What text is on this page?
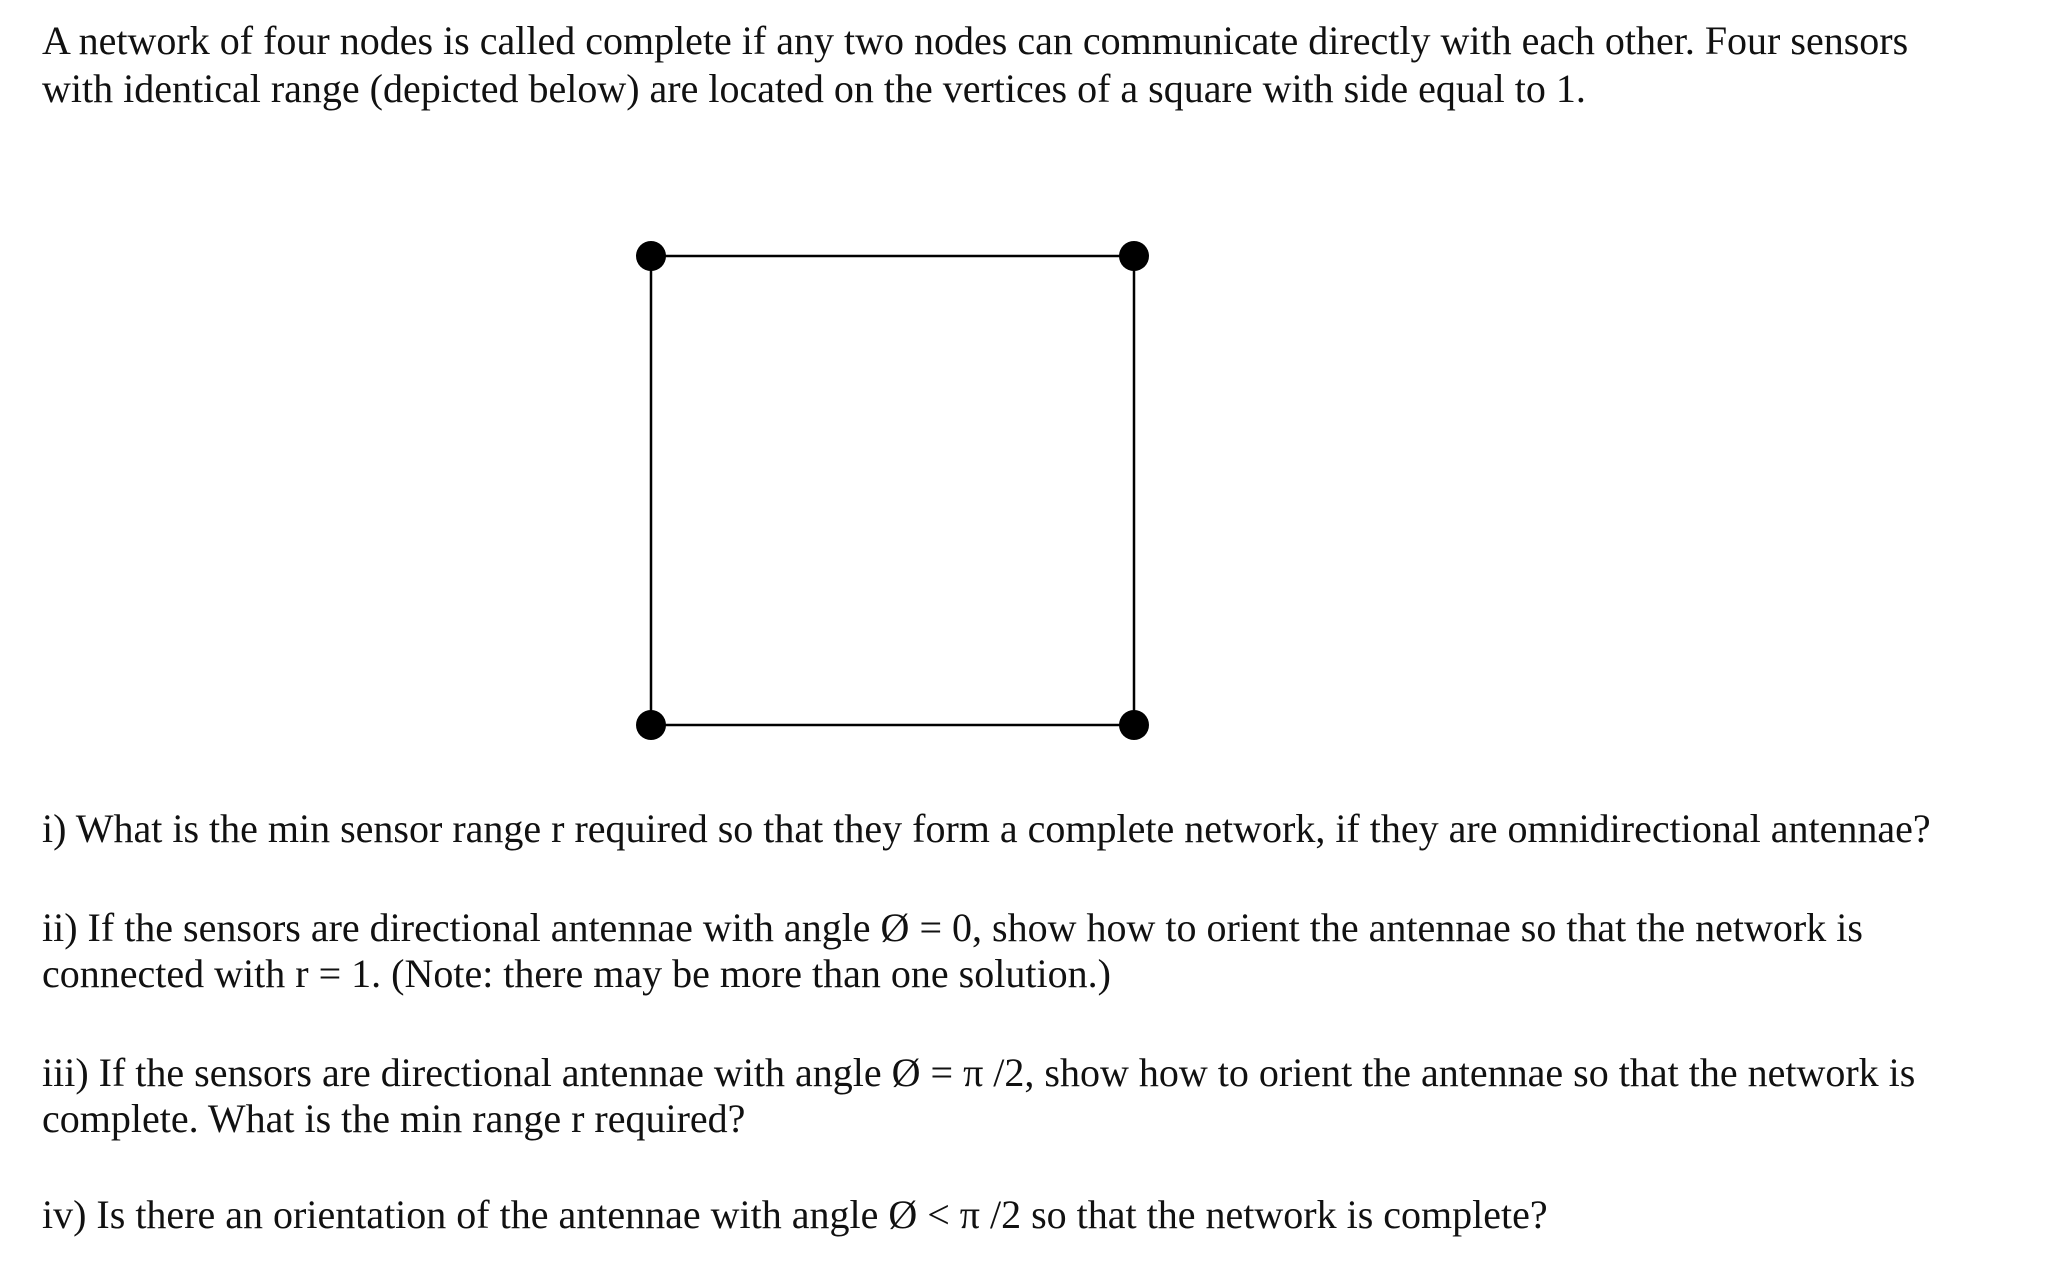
A network of four nodes is called complete if any two nodes can communicate directly with each other. Four sensors

with identical range (depicted below) are located on the vertices of a square with side equal to 1.

i) What is the min sensor range r required so that they form a complete network, if they are omnidirectional antennae?

ii) If the sensors are directional antennae with angle Ø = 0, show how to orient the antennae so that the network is

connected with r = 1. (Note: there may be more than one solution.)

iii) If the sensors are directional antennae with angle Ø = π /2, show how to orient the antennae so that the network is

complete. What is the min range r required?

iv) Is there an orientation of the antennae with angle Ø < π /2 so that the network is complete?
